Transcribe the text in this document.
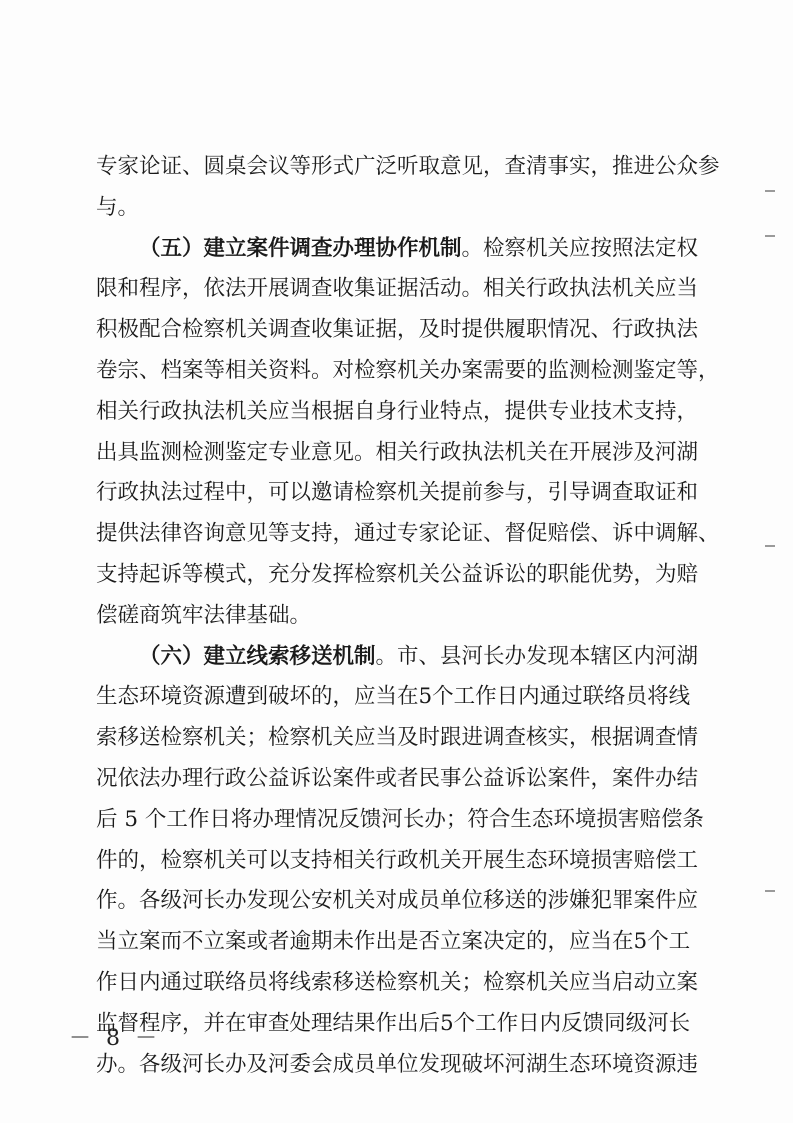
专家论证、圆桌会议等形式广泛听取意见，查清事实，推进公众参
与。
（五）建立案件调查办理协作机制。检察机关应按照法定权
限和程序，依法开展调查收集证据活动。相关行政执法机关应当
积极配合检察机关调查收集证据，及时提供履职情况、行政执法
卷宗、档案等相关资料。对检察机关办案需要的监测检测鉴定等，
相关行政执法机关应当根据自身行业特点，提供专业技术支持，
出具监测检测鉴定专业意见。相关行政执法机关在开展涉及河湖
行政执法过程中，可以邀请检察机关提前参与，引导调查取证和
提供法律咨询意见等支持，通过专家论证、督促赔偿、诉中调解、
支持起诉等模式，充分发挥检察机关公益诉讼的职能优势，为赔
偿磋商筑牢法律基础。
（六）建立线索移送机制。市、县河长办发现本辖区内河湖
生态环境资源遭到破坏的，应当在5个工作日内通过联络员将线
索移送检察机关；检察机关应当及时跟进调查核实，根据调查情
况依法办理行政公益诉讼案件或者民事公益诉讼案件，案件办结
后 5 个工作日将办理情况反馈河长办；符合生态环境损害赔偿条
件的，检察机关可以支持相关行政机关开展生态环境损害赔偿工
作。各级河长办发现公安机关对成员单位移送的涉嫌犯罪案件应
当立案而不立案或者逾期未作出是否立案决定的，应当在5个工
作日内通过联络员将线索移送检察机关；检察机关应当启动立案
监督程序，并在审查处理结果作出后5个工作日内反馈同级河长
办。各级河长办及河委会成员单位发现破坏河湖生态环境资源违
－ 8 －
